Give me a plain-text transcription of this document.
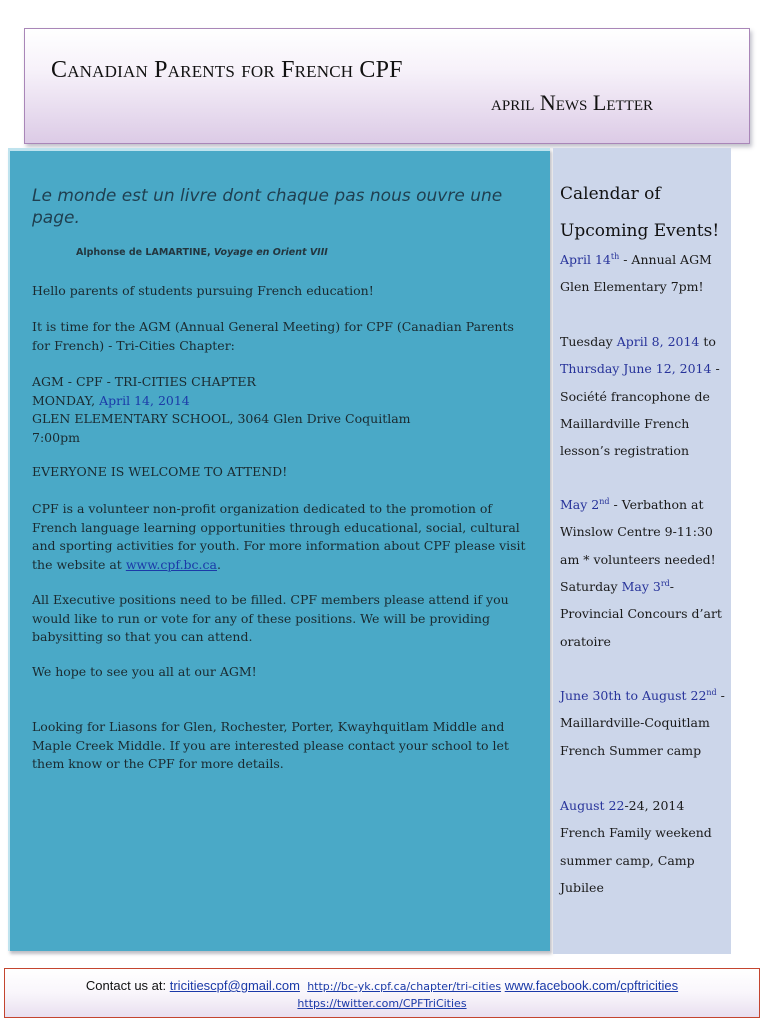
Canadian Parents for French CPF
april News Letter
Le monde est un livre dont chaque pas nous ouvre une page.
Alphonse de LAMARTINE, Voyage en Orient VIII
Hello parents of students pursuing French education!
It is time for the AGM (Annual General Meeting) for CPF (Canadian Parents for French) - Tri-Cities Chapter:
AGM - CPF - TRI-CITIES CHAPTER
MONDAY, April 14, 2014
GLEN ELEMENTARY SCHOOL, 3064 Glen Drive Coquitlam
7:00pm
EVERYONE IS WELCOME TO ATTEND!
CPF is a volunteer non-profit organization dedicated to the promotion of French language learning opportunities through educational, social, cultural and sporting activities for youth. For more information about CPF please visit the website at www.cpf.bc.ca.
All Executive positions need to be filled. CPF members please attend if you would like to run or vote for any of these positions. We will be providing babysitting so that you can attend.
We hope to see you all at our AGM!
Looking for Liasons for Glen, Rochester, Porter, Kwayhquitlam Middle and Maple Creek Middle. If you are interested please contact your school to let them know or the CPF for more details.
Calendar of
Upcoming Events!
April 14th - Annual AGM Glen Elementary 7pm!
Tuesday April 8, 2014 to Thursday June 12, 2014 - Société francophone de Maillardville French lesson’s registration
May 2nd - Verbathon at Winslow Centre 9-11:30 am * volunteers needed!
Saturday May 3rd- Provincial Concours d’art oratoire
June 30th to August 22nd - Maillardville-Coquitlam French Summer camp
August 22-24, 2014 French Family weekend summer camp, Camp Jubilee
Contact us at: tricitiescpf@gmail.com http://bc-yk.cpf.ca/chapter/tri-cities www.facebook.com/cpftricities
https://twitter.com/CPFTriCities
